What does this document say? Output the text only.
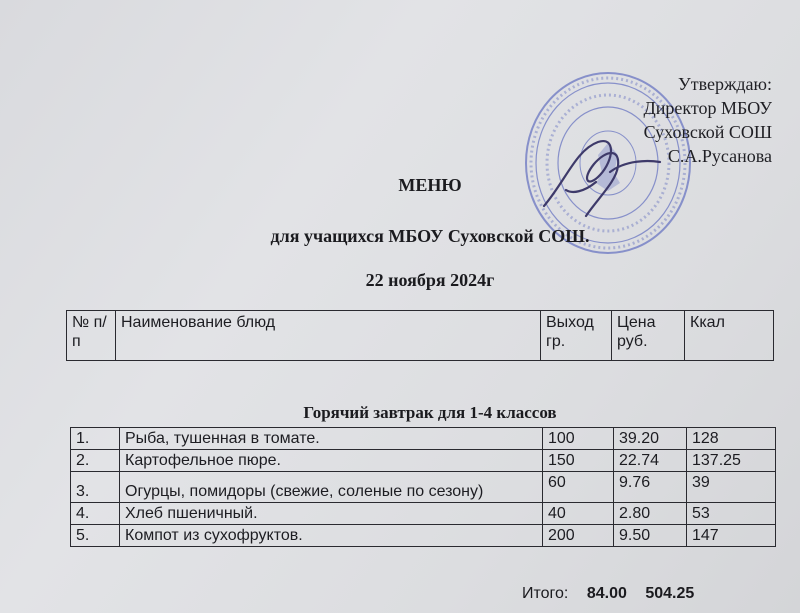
Утверждаю:
Директор МБОУ
Суховской СОШ
С.А.Русанова
МЕНЮ
для учащихся МБОУ Суховской СОШ.
22 ноября 2024г
№ п/п	Наименование блюд	Выход гр.	Цена руб.	Ккал
Горячий завтрак для 1-4 классов
1.	Рыба, тушенная в томате.	100	39.20	128
2.	Картофельное пюре.	150	22.74	137.25
3.	Огурцы, помидоры (свежие, соленые по сезону)	60	9.76	39
4.	Хлеб пшеничный.	40	2.80	53
5.	Компот из сухофруктов.	200	9.50	147
Итого: 84.00 504.25
